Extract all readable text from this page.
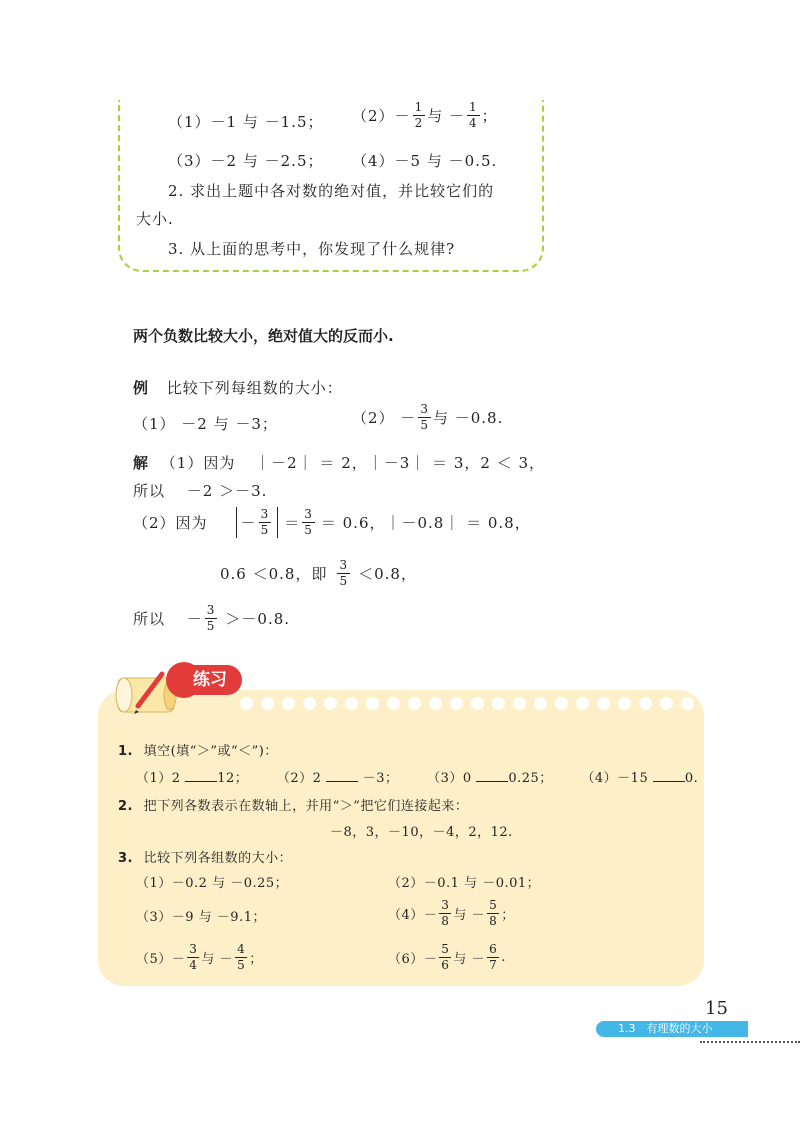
（1）－1 与 －1.5； $(2) - \frac{1}{2}$ 与 － $\frac{1}{4}$ ；
（3）－2 与 －2.5； （4）－5 与 －0.5.
2. 求出上题中各对数的绝对值，并比较它们的
大小.
3. 从上面的思考中，你发现了什么规律?
两个负数比较大小，绝对值大的反而小.
例 比较下列每组数的大小：
（1） －2 与 －3；	$(2) - \frac{3}{5}$ 与 －0.8.
解 （1）因为 ｜－2｜ ＝ 2，｜－3｜ ＝ 3，2 ＜ 3，
所以　 －2 ＞－3.
（2）因为 － $\frac{3}{5} = \frac{3}{5} = 0.6$，｜－0.8｜ ＝ 0.8，
0.6 ＜0.8，即 $\frac{3}{5} <0.8$，
所以　 － $\frac{3}{5} >-0.8$.
练习
1. 填空(填“＞”或“＜”)：
（1）2	12； （2）2	－3； （3）0	0.25； （4）－15	0.
2. 把下列各数表示在数轴上，并用“＞”把它们连接起来：
－8，3，－10，－4，2，12.
3. 比较下列各组数的大小：
（1）－0.2 与 －0.25；	（2）－0.1 与 －0.01；
（3）－9 与 －9.1；	$(4)- \frac{3}{8}$ 与 － $\frac{5}{8}$ ；
$(5)- \frac{3}{4}$ 与 － $\frac{4}{5}$ ；	$(6)- \frac{5}{6}$ 与 － $\frac{6}{7}$ .
15
1.3　有理数的大小
